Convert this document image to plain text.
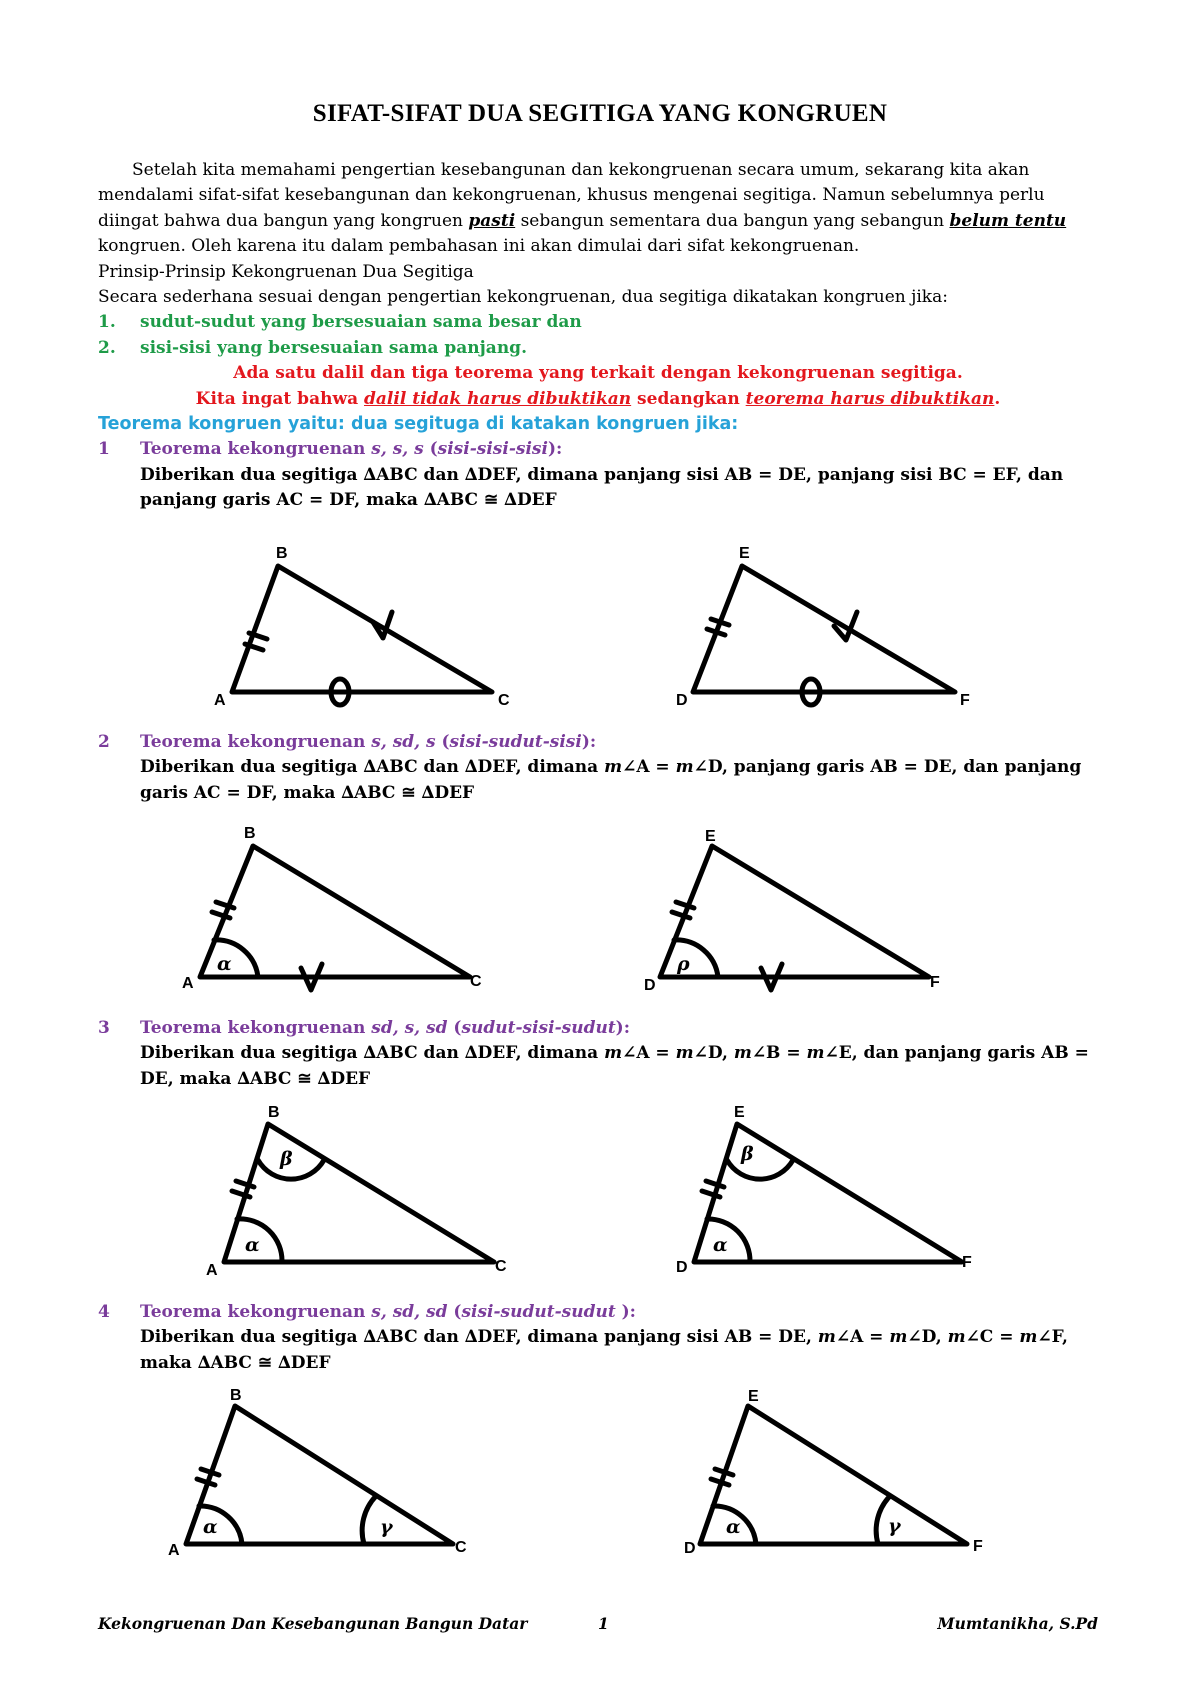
SIFAT-SIFAT DUA SEGITIGA YANG KONGRUEN

Setelah kita memahami pengertian kesebangunan dan kekongruenan secara umum, sekarang kita akan mendalami sifat-sifat kesebangunan dan kekongruenan, khusus mengenai segitiga. Namun sebelumnya perlu diingat bahwa dua bangun yang kongruen pasti sebangun sementara dua bangun yang sebangun belum tentu kongruen. Oleh karena itu dalam pembahasan ini akan dimulai dari sifat kekongruenan.

Prinsip-Prinsip Kekongruenan Dua Segitiga

Secara sederhana sesuai dengan pengertian kekongruenan, dua segitiga dikatakan kongruen jika:

1. sudut-sudut yang bersesuaian sama besar dan

2. sisi-sisi yang bersesuaian sama panjang.

Ada satu dalil dan tiga teorema yang terkait dengan kekongruenan segitiga.

Kita ingat bahwa dalil tidak harus dibuktikan sedangkan teorema harus dibuktikan.

Teorema kongruen yaitu: dua segituga di katakan kongruen jika:

1 Teorema kekongruenan s, s, s (sisi-sisi-sisi):

Diberikan dua segitiga ∆ABC dan ∆DEF, dimana panjang sisi AB = DE, panjang sisi BC = EF, dan panjang garis AC = DF, maka ∆ABC ≅ ∆DEF

2 Teorema kekongruenan s, sd, s (sisi-sudut-sisi):

Diberikan dua segitiga ∆ABC dan ∆DEF, dimana m∠A = m∠D, panjang garis AB = DE, dan panjang garis AC = DF, maka ∆ABC ≅ ∆DEF

3 Teorema kekongruenan sd, s, sd (sudut-sisi-sudut):

Diberikan dua segitiga ∆ABC dan ∆DEF, dimana m∠A = m∠D, m∠B = m∠E, dan panjang garis AB = DE, maka ∆ABC ≅ ∆DEF

4 Teorema kekongruenan s, sd, sd (sisi-sudut-sudut ):

Diberikan dua segitiga ∆ABC dan ∆DEF, dimana panjang sisi AB = DE, m∠A = m∠D, m∠C = m∠F, maka ∆ABC ≅ ∆DEF

A
B
C	D
E
F
A
B
C	D
E
F
A
B
C	D
E
F
A
B
C	D
E
F
α	ρ
α
β
α
β
α	γ	α	γ
Kekongruenan Dan Kesebangunan Bangun Datar	1	Mumtanikha, S.Pd
